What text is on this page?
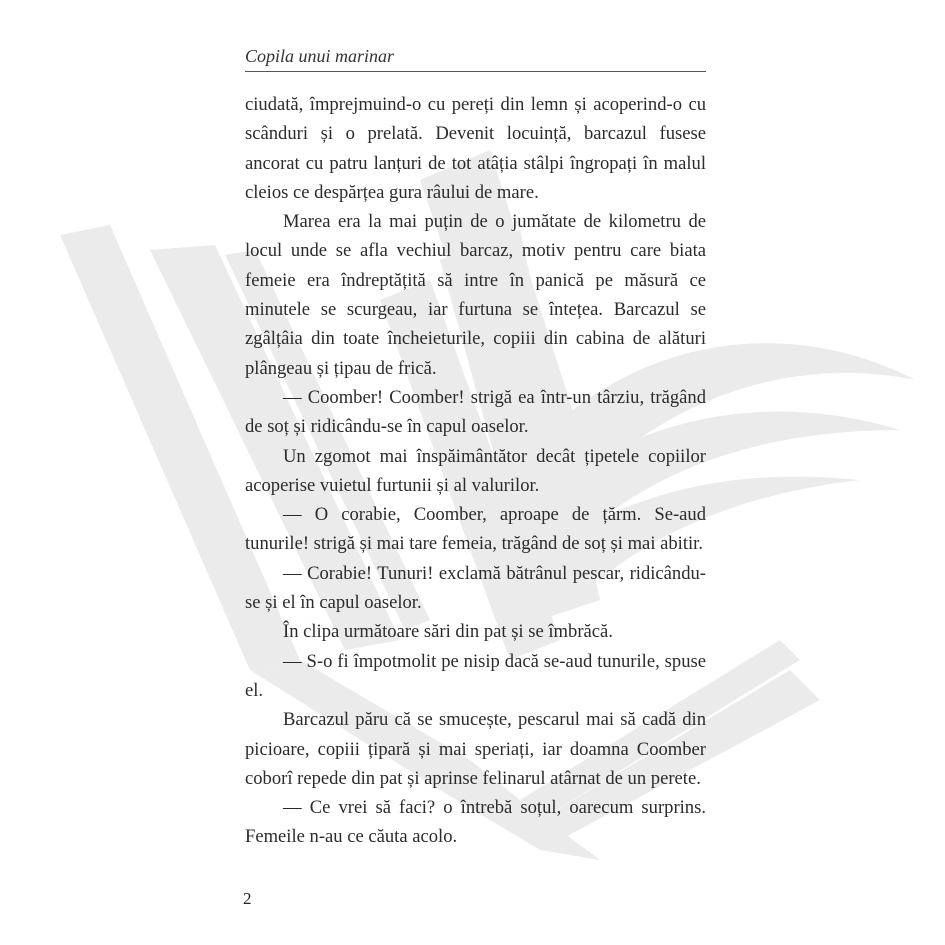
Copila unui marinar

ciudată, împrejmuind-o cu pereți din lemn și acoperind-o cu scânduri și o prelată. Devenit locuință, barcazul fusese ancorat cu patru lanțuri de tot atâția stâlpi îngropați în malul cleios ce despărțea gura râului de mare.

Marea era la mai puțin de o jumătate de kilometru de locul unde se afla vechiul barcaz, motiv pentru care biata femeie era îndreptățită să intre în panică pe măsură ce minutele se scurgeau, iar furtuna se întețea. Barcazul se zgâlțâia din toate încheieturile, copiii din cabina de alături plângeau și țipau de frică.

— Coomber! Coomber! strigă ea într-un târziu, trăgând de soț și ridicându-se în capul oaselor.

Un zgomot mai înspăimântător decât țipetele copiilor acoperise vuietul furtunii și al valurilor.

— O corabie, Coomber, aproape de țărm. Se-aud tunurile! strigă și mai tare femeia, trăgând de soț și mai abitir.

— Corabie! Tunuri! exclamă bătrânul pescar, ridicându-se și el în capul oaselor.

În clipa următoare sări din pat și se îmbrăcă.

— S-o fi împotmolit pe nisip dacă se-aud tunurile, spuse el.

Barcazul păru că se smucește, pescarul mai să cadă din picioare, copiii țipară și mai speriați, iar doamna Coomber coborî repede din pat și aprinse felinarul atârnat de un perete.

— Ce vrei să faci? o întrebă soțul, oarecum surprins. Femeile n-au ce căuta acolo.

2
